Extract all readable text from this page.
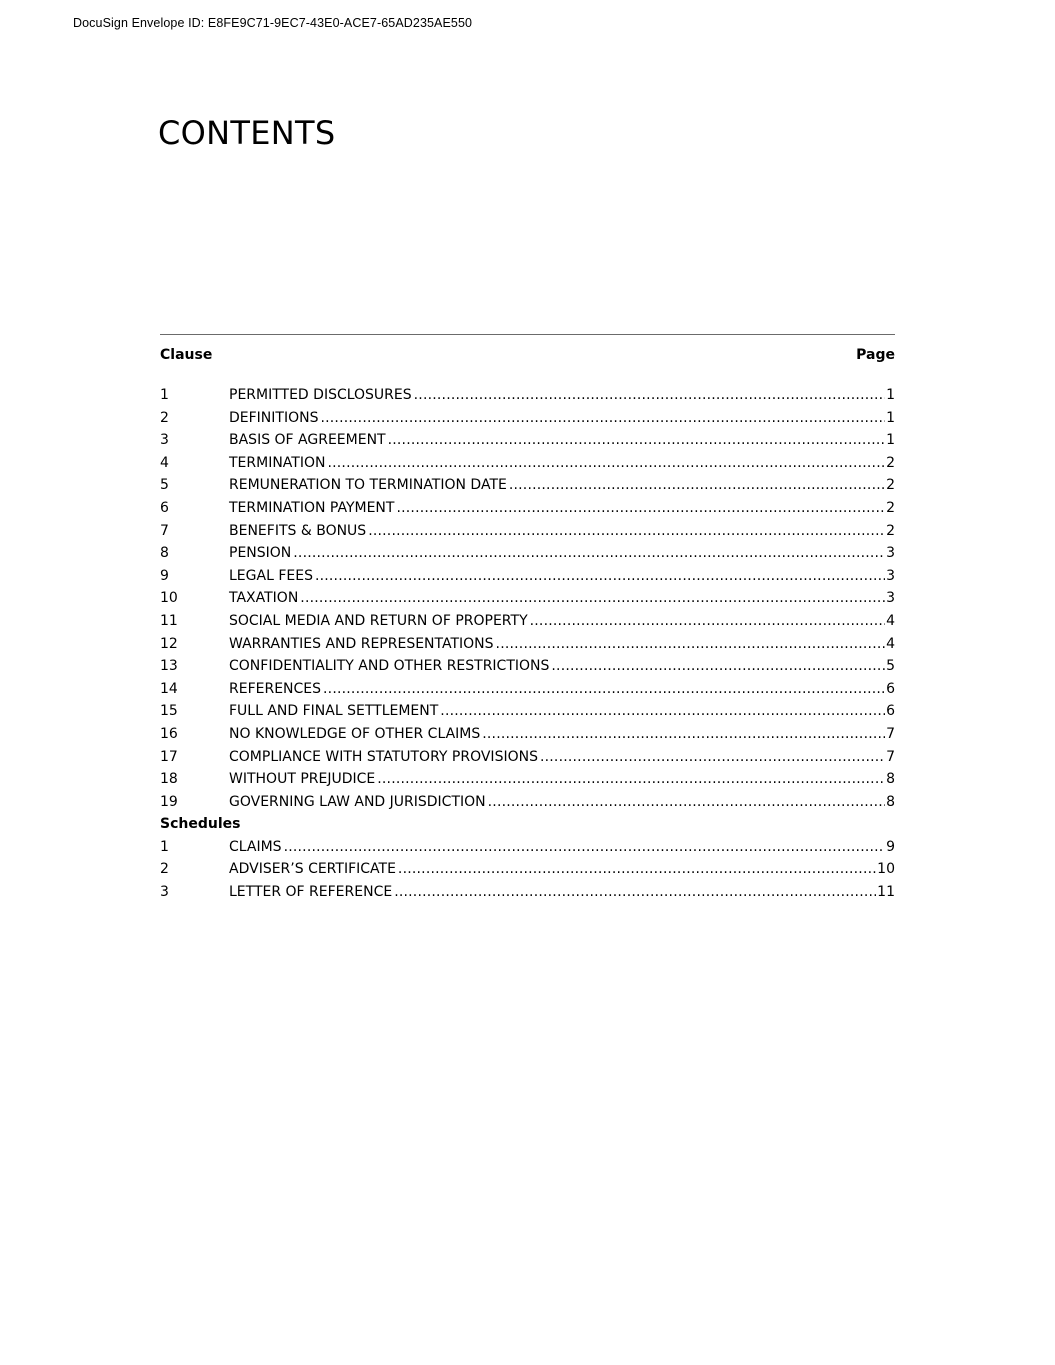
DocuSign Envelope ID: E8FE9C71-9EC7-43E0-ACE7-65AD235AE550
CONTENTS
Clause	Page
1	PERMITTED DISCLOSURES .....	1
2	DEFINITIONS .....	1
3	BASIS OF AGREEMENT .....	1
4	TERMINATION .....	2
5	REMUNERATION TO TERMINATION DATE .....	2
6	TERMINATION PAYMENT .....	2
7	BENEFITS & BONUS .....	2
8	PENSION .....	3
9	LEGAL FEES .....	3
10	TAXATION .....	3
11	SOCIAL MEDIA AND RETURN OF PROPERTY .....	4
12	WARRANTIES AND REPRESENTATIONS .....	4
13	CONFIDENTIALITY AND OTHER RESTRICTIONS .....	5
14	REFERENCES .....	6
15	FULL AND FINAL SETTLEMENT .....	6
16	NO KNOWLEDGE OF OTHER CLAIMS .....	7
17	COMPLIANCE WITH STATUTORY PROVISIONS .....	7
18	WITHOUT PREJUDICE .....	8
19	GOVERNING LAW AND JURISDICTION .....	8
Schedules
1	CLAIMS .....	9
2	ADVISER’S CERTIFICATE .....	10
3	LETTER OF REFERENCE .....	11
